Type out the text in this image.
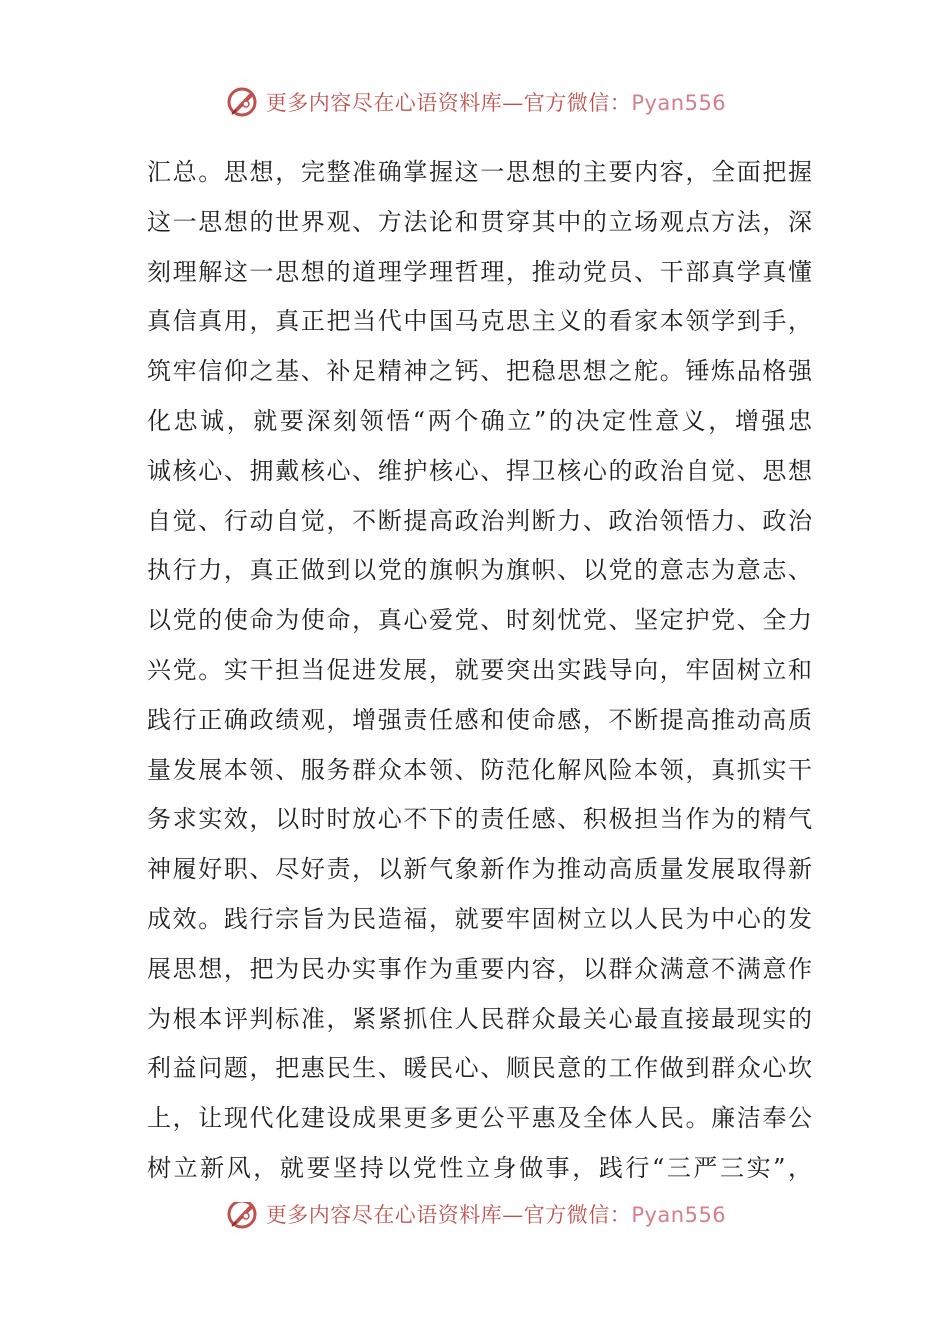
更多内容尽在心语资料库—官方微信：Pyan556
汇总。思想，完整准确掌握这一思想的主要内容，全面把握
这一思想的世界观、方法论和贯穿其中的立场观点方法，深
刻理解这一思想的道理学理哲理，推动党员、干部真学真懂
真信真用，真正把当代中国马克思主义的看家本领学到手，
筑牢信仰之基、补足精神之钙、把稳思想之舵。锤炼品格强
化忠诚，就要深刻领悟“两个确立”的决定性意义，增强忠
诚核心、拥戴核心、维护核心、捍卫核心的政治自觉、思想
自觉、行动自觉，不断提高政治判断力、政治领悟力、政治
执行力，真正做到以党的旗帜为旗帜、以党的意志为意志、
以党的使命为使命，真心爱党、时刻忧党、坚定护党、全力
兴党。实干担当促进发展，就要突出实践导向，牢固树立和
践行正确政绩观，增强责任感和使命感，不断提高推动高质
量发展本领、服务群众本领、防范化解风险本领，真抓实干
务求实效，以时时放心不下的责任感、积极担当作为的精气
神履好职、尽好责，以新气象新作为推动高质量发展取得新
成效。践行宗旨为民造福，就要牢固树立以人民为中心的发
展思想，把为民办实事作为重要内容，以群众满意不满意作
为根本评判标准，紧紧抓住人民群众最关心最直接最现实的
利益问题，把惠民生、暖民心、顺民意的工作做到群众心坎
上，让现代化建设成果更多更公平惠及全体人民。廉洁奉公
树立新风，就要坚持以党性立身做事，践行“三严三实”，
更多内容尽在心语资料库—官方微信：Pyan556
